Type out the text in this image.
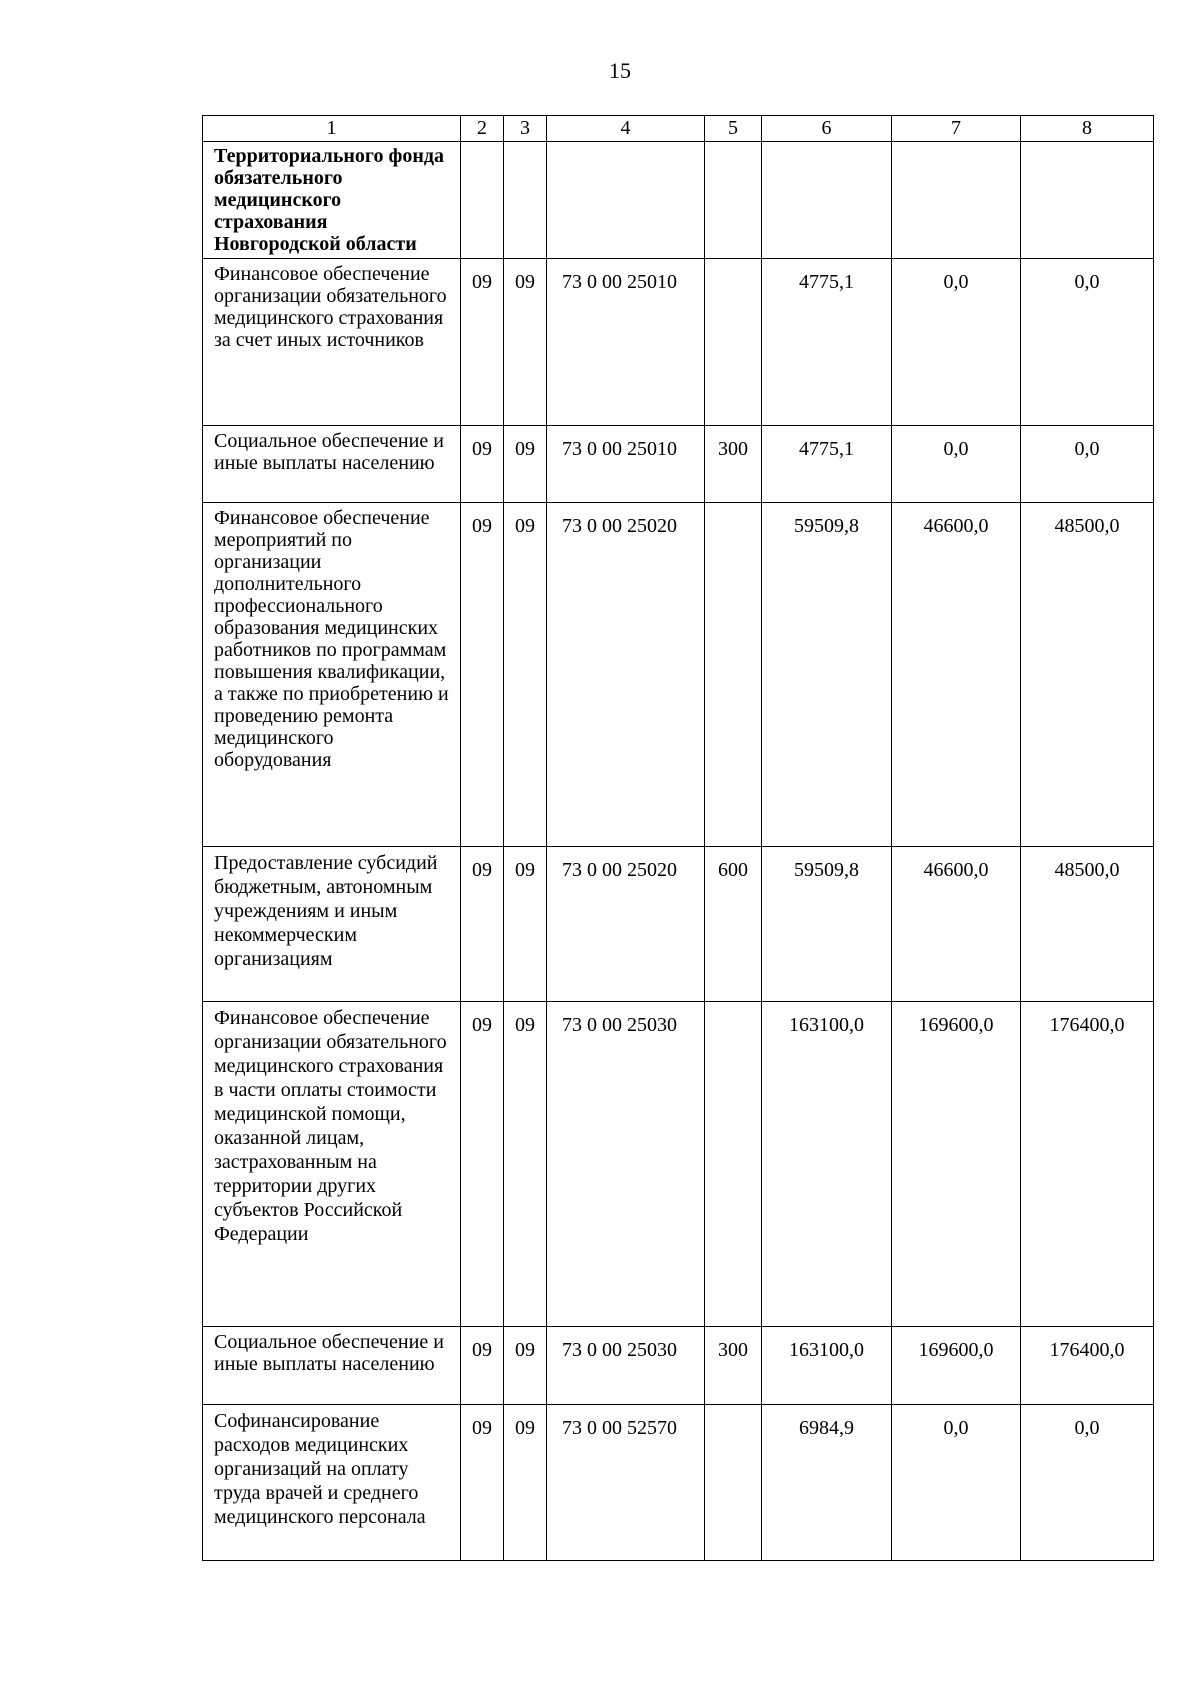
15
1	2	3	4	5	6	7	8
Территориального фонда обязательного медицинского страхования Новгородской области							
Финансовое обеспечение организации обязательного медицинского страхования за счет иных источников	09	09	73 0 00 25010		4775,1	0,0	0,0
Социальное обеспечение и иные выплаты населению	09	09	73 0 00 25010	300	4775,1	0,0	0,0
Финансовое обеспечение мероприятий по организации дополнительного профессионального образования медицинских работников по программам повышения квалификации, а также по приобретению и проведению ремонта медицинского оборудования	09	09	73 0 00 25020		59509,8	46600,0	48500,0
Предоставление субсидий бюджетным, автономным учреждениям и иным некоммерческим организациям	09	09	73 0 00 25020	600	59509,8	46600,0	48500,0
Финансовое обеспечение организации обязательного медицинского страхования в части оплаты стоимости медицинской помощи, оказанной лицам, застрахованным на территории других субъектов Российской Федерации	09	09	73 0 00 25030		163100,0	169600,0	176400,0
Социальное обеспечение и иные выплаты населению	09	09	73 0 00 25030	300	163100,0	169600,0	176400,0
Софинансирование расходов медицинских организаций на оплату труда врачей и среднего медицинского персонала	09	09	73 0 00 52570		6984,9	0,0	0,0
